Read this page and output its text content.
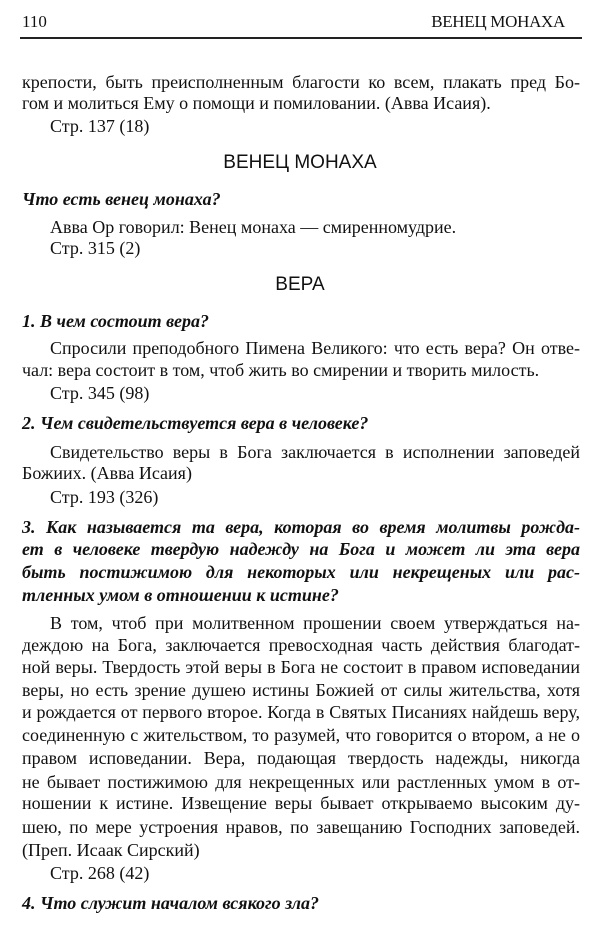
110	ВЕНЕЦ МОНАХА
крепости, быть преисполненным благости ко всем, плакать пред Бо-
гом и молиться Ему о помощи и помиловании. (Авва Исаия).
Стр. 137 (18)
ВЕНЕЦ МОНАХА
Что есть венец монаха?
Авва Ор говорил: Венец монаха — смиренномудрие.
Стр. 315 (2)
ВЕРА
1. В чем состоит вера?
Спросили преподобного Пимена Великого: что есть вера? Он отве-
чал: вера состоит в том, чтоб жить во смирении и творить милость.
Стр. 345 (98)
2. Чем свидетельствуется вера в человеке?
Свидетельство веры в Бога заключается в исполнении заповедей
Божиих. (Авва Исаия)
Стр. 193 (326)
3. Как называется та вера, которая во время молитвы рожда-
ет в человеке твердую надежду на Бога и может ли эта вера
быть постижимою для некоторых или некрещеных или рас-
тленных умом в отношении к истине?
В том, чтоб при молитвенном прошении своем утверждаться на-
деждою на Бога, заключается превосходная часть действия благодат-
ной веры. Твердость этой веры в Бога не состоит в правом исповедании
веры, но есть зрение душею истины Божией от силы жительства, хотя
и рождается от первого второе. Когда в Святых Писаниях найдешь веру,
соединенную с жительством, то разумей, что говорится о втором, а не о
правом исповедании. Вера, подающая твердость надежды, никогда
не бывает постижимою для некрещенных или растленных умом в от-
ношении к истине. Извещение веры бывает открываемо высоким ду-
шею, по мере устроения нравов, по завещанию Господних заповедей.
(Преп. Исаак Сирский)
Стр. 268 (42)
4. Что служит началом всякого зла?
